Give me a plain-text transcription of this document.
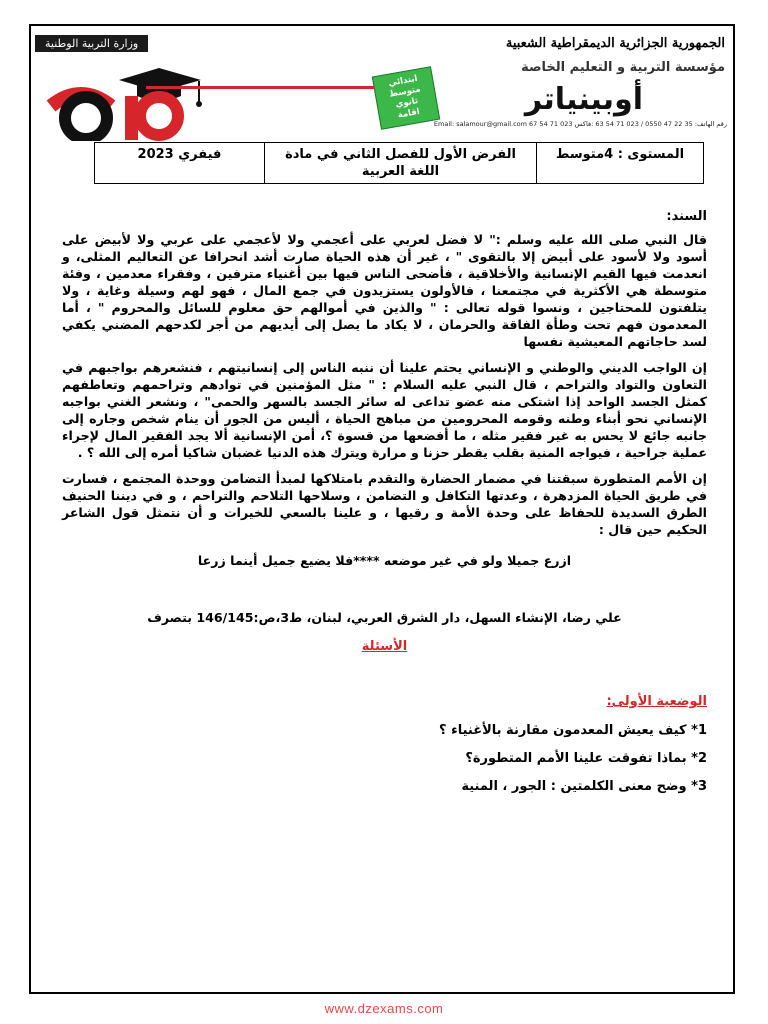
الجمهورية الجزائرية الديمقراطية الشعبية
وزارة التربية الوطنية
مؤسسة التربية و التعليم الخاصة
أوبينياتر
ابتدائي
متوسط
ثانوي
اقامة
رقم الهاتف: 35 22 47 0550 / 023 71 54 63 :فاكس 023 71 54 67 Email: salamour@gmail.com
المستوى : 4متوسط	الفرض الأول للفصل الثاني في مادة اللغة العربية	فيفري 2023

السند:

قال النبي صلى الله عليه وسلم :" لا فضل لعربي على أعجمي ولا لأعجمي على عربي ولا لأبيض على أسود ولا لأسود على أبيض إلا بالتقوى " ، غير أن هذه الحياة صارت أشد انحرافا عن التعاليم المثلى، و انعدمت فيها القيم الإنسانية والأخلاقية ، فأضحى الناس فيها بين أغنياء مترفين ، وفقراء معدمين ، وفئة متوسطة هي الأكثرية في مجتمعنا ، فالأولون يستزيدون في جمع المال ، فهو لهم وسيلة وغاية ، ولا يتلفتون للمحتاجين ، ونسوا قوله تعالى : " والذين في أموالهم حق معلوم للسائل والمحروم " ، أما المعدمون فهم تحت وطأة الفاقة والحرمان ، لا يكاد ما يصل إلى أيديهم من أجر لكدحهم المضني يكفي لسد حاجاتهم المعيشية نفسها

إن الواجب الديني والوطني و الإنساني يحتم علينا أن ننبه الناس إلى إنسانيتهم ، فنشعرهم بواجبهم في التعاون والتواد والتراحم ، قال النبي عليه السلام : " مثل المؤمنين في توادهم وتراحمهم وتعاطفهم كمثل الجسد الواحد إذا اشتكى منه عضو تداعى له سائر الجسد بالسهر والحمى" ، ونشعر الغني بواجبه الإنساني نحو أبناء وطنه وقومه المحرومين من مباهج الحياة ، أليس من الجور أن ينام شخص وجاره إلى جانبه جائع لا يحس به غير فقير مثله ، ما أفضعها من قسوة ؟، أمن الإنسانية ألا يجد الفقير المال لإجراء عملية جراحية ، فيواجه المنية بقلب يقطر حزنا و مرارة ويترك هذه الدنيا غضبان شاكيا أمره إلى الله ؟ .

إن الأمم المتطورة سبقتنا في مضمار الحضارة والتقدم بامتلاكها لمبدأ التضامن ووحدة المجتمع ، فسارت في طريق الحياة المزدهرة ، وعدتها التكافل و التضامن ، وسلاحها التلاحم والتراحم ، و في ديننا الحنيف الطرق السديدة للحفاظ على وحدة الأمة و رقيها ، و علينا بالسعي للخيرات و أن نتمثل قول الشاعر الحكيم حين قال :

ازرع جميلا ولو في غير موضعه ****فلا يضيع جميل أينما زرعا

علي رضا، الإنشاء السهل، دار الشرق العربي، لبنان، ط3،ص:146/145 بتصرف

الأسئلة

الوضعية الأولى:

1* كيف يعيش المعدمون مقارنة بالأغنياء ؟

2* بماذا تفوقت علينا الأمم المتطورة؟

3* وضح معنى الكلمتين : الجور ، المنية

www.dzexams.com
